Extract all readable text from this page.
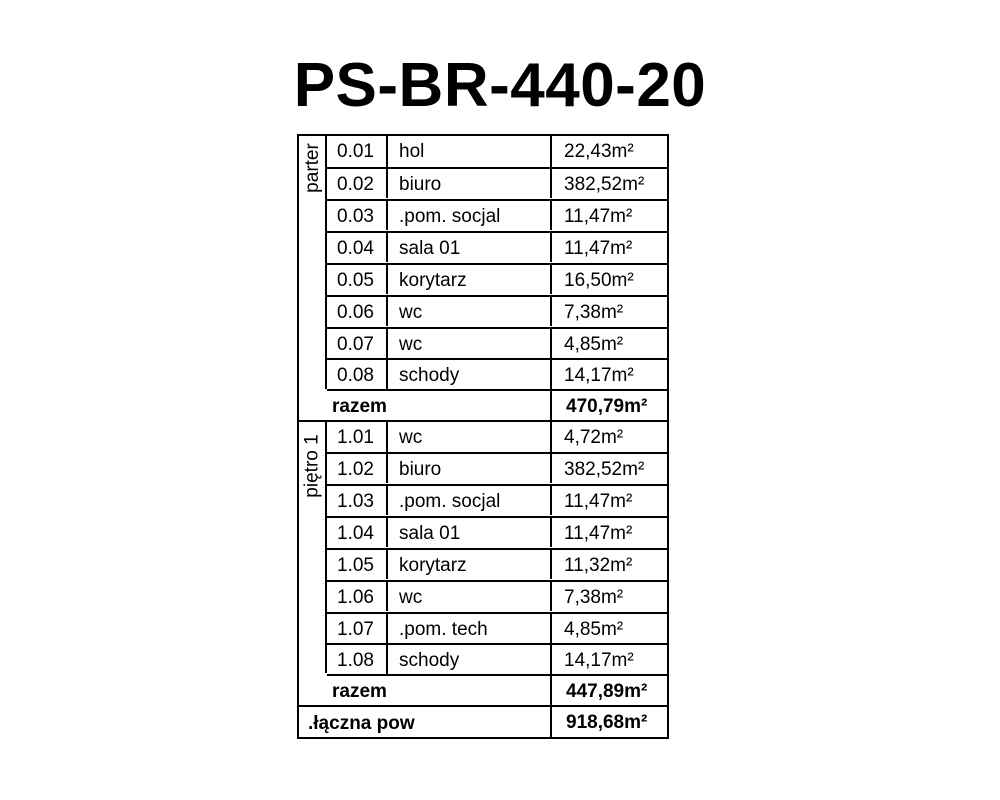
PS-BR-440-20
parter
piętro 1
0.01 hol	22,43m²
0.02 biuro	382,52m²
0.03 .pom. socjal	11,47m²
0.04 sala 01	11,47m²
0.05 korytarz	16,50m²
0.06 wc	7,38m²
0.07 wc	4,85m²
0.08 schody	14,17m²
razem	470,79m²
1.01 wc	4,72m²
1.02 biuro	382,52m²
1.03 .pom. socjal	11,47m²
1.04 sala 01	11,47m²
1.05 korytarz	11,32m²
1.06 wc	7,38m²
1.07 .pom. tech	4,85m²
1.08 schody	14,17m²
razem	447,89m²
.łączna pow	918,68m²
